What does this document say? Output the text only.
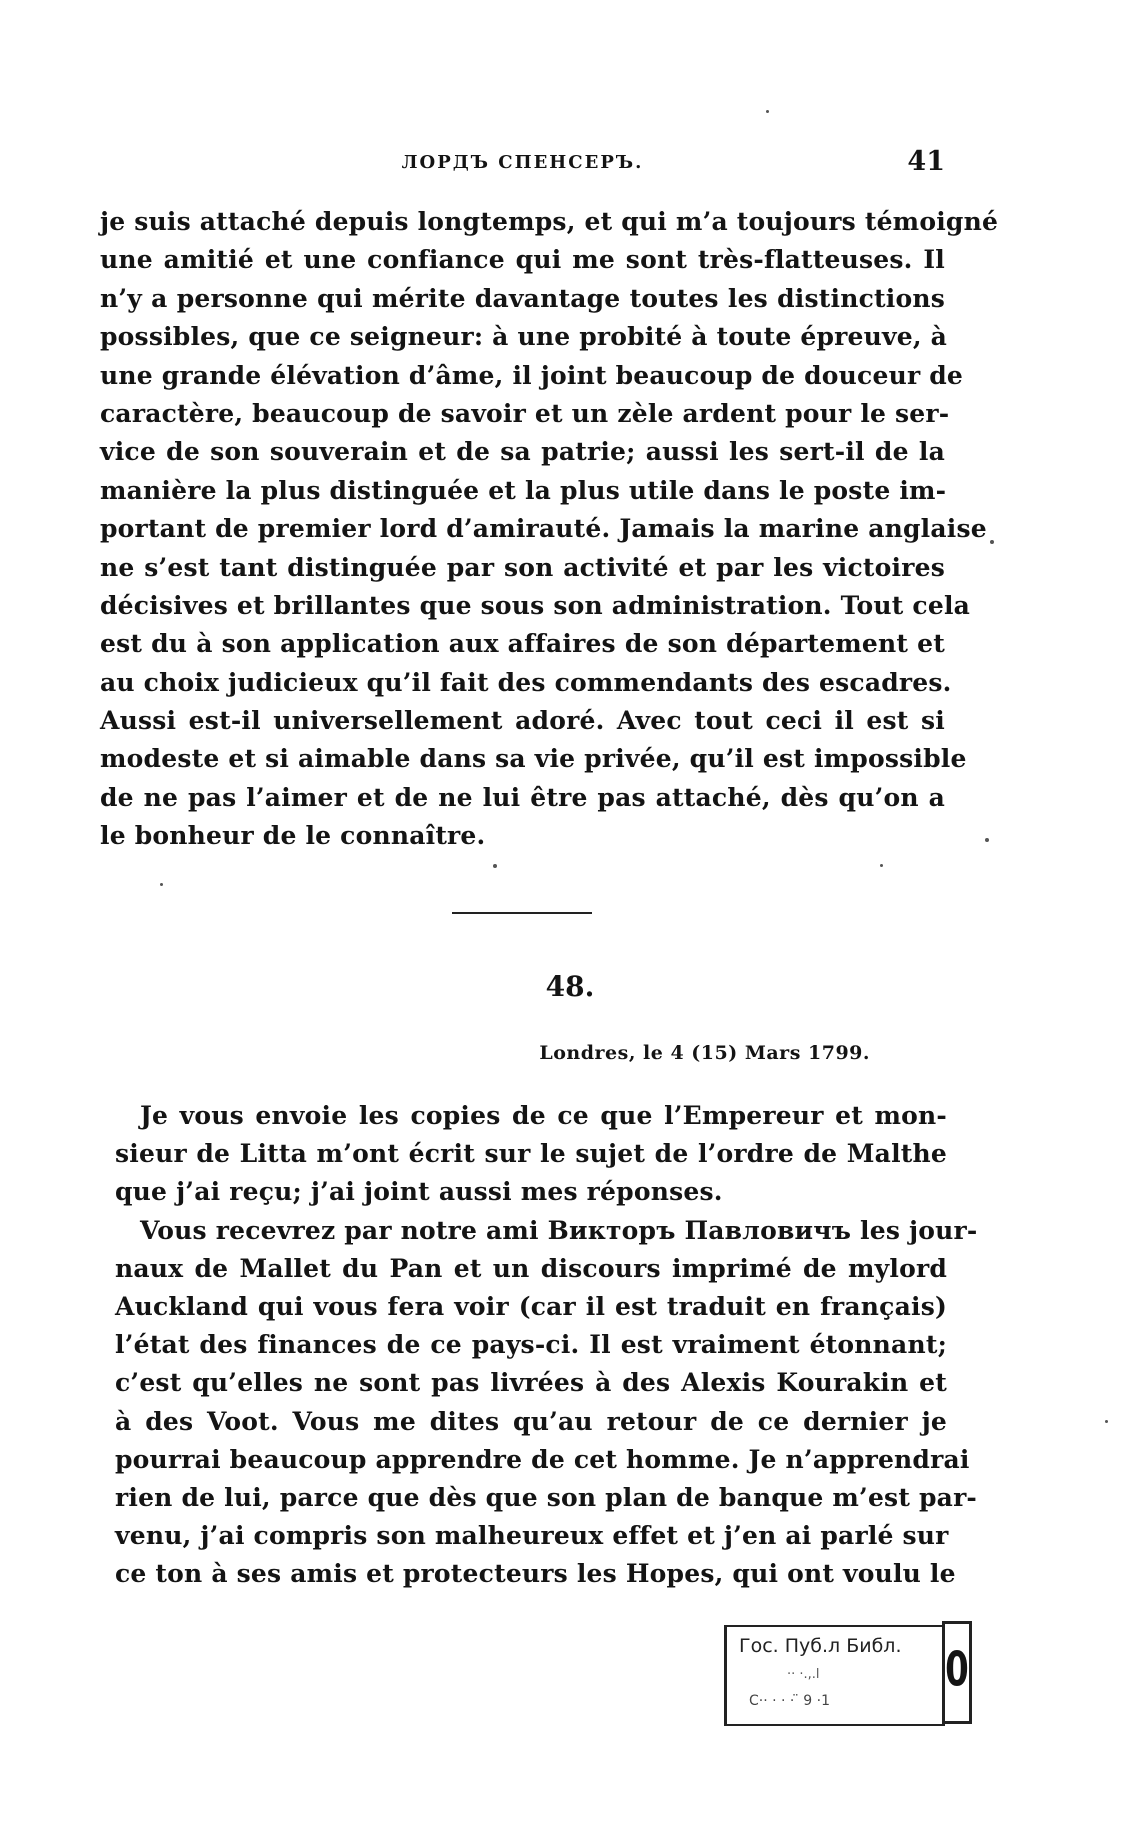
ЛОРДЪ СПЕНСЕРЪ.	41
je suis attaché depuis longtemps, et qui m’a toujours témoigné
une amitié et une confiance qui me sont très-flatteuses. Il
n’y a personne qui mérite davantage toutes les distinctions
possibles, que ce seigneur: à une probité à toute épreuve, à
une grande élévation d’âme, il joint beaucoup de douceur de
caractère, beaucoup de savoir et un zèle ardent pour le ser-
vice de son souverain et de sa patrie; aussi les sert-il de la
manière la plus distinguée et la plus utile dans le poste im-
portant de premier lord d’amirauté. Jamais la marine anglaise
ne s’est tant distinguée par son activité et par les victoires
décisives et brillantes que sous son administration. Tout cela
est du à son application aux affaires de son département et
au choix judicieux qu’il fait des commendants des escadres.
Aussi est-il universellement adoré. Avec tout ceci il est si
modeste et si aimable dans sa vie privée, qu’il est impossible
de ne pas l’aimer et de ne lui être pas attaché, dès qu’on a
le bonheur de le connaître.
48.
Londres, le 4 (15) Mars 1799.
Je vous envoie les copies de ce que l’Empereur et mon-
sieur de Litta m’ont écrit sur le sujet de l’ordre de Malthe
que j’ai reçu; j’ai joint aussi mes réponses.
Vous recevrez par notre ami Викторъ Павловичъ les jour-
naux de Mallet du Pan et un discours imprimé de mylord
Auckland qui vous fera voir (car il est traduit en français)
l’état des finances de ce pays-ci. Il est vraiment étonnant;
c’est qu’elles ne sont pas livrées à des Alexis Kourakin et
à des Voot. Vous me dites qu’au retour de ce dernier je
pourrai beaucoup apprendre de cet homme. Je n’apprendrai
rien de lui, parce que dès que son plan de banque m’est par-
venu, j’ai compris son malheureux effet et j’en ai parlé sur
ce ton à ses amis et protecteurs les Hopes, qui ont voulu le
Гос. Пуб.л Библ.
·· ·.,.l
С·· · · · ̈ 9 ·1
0
